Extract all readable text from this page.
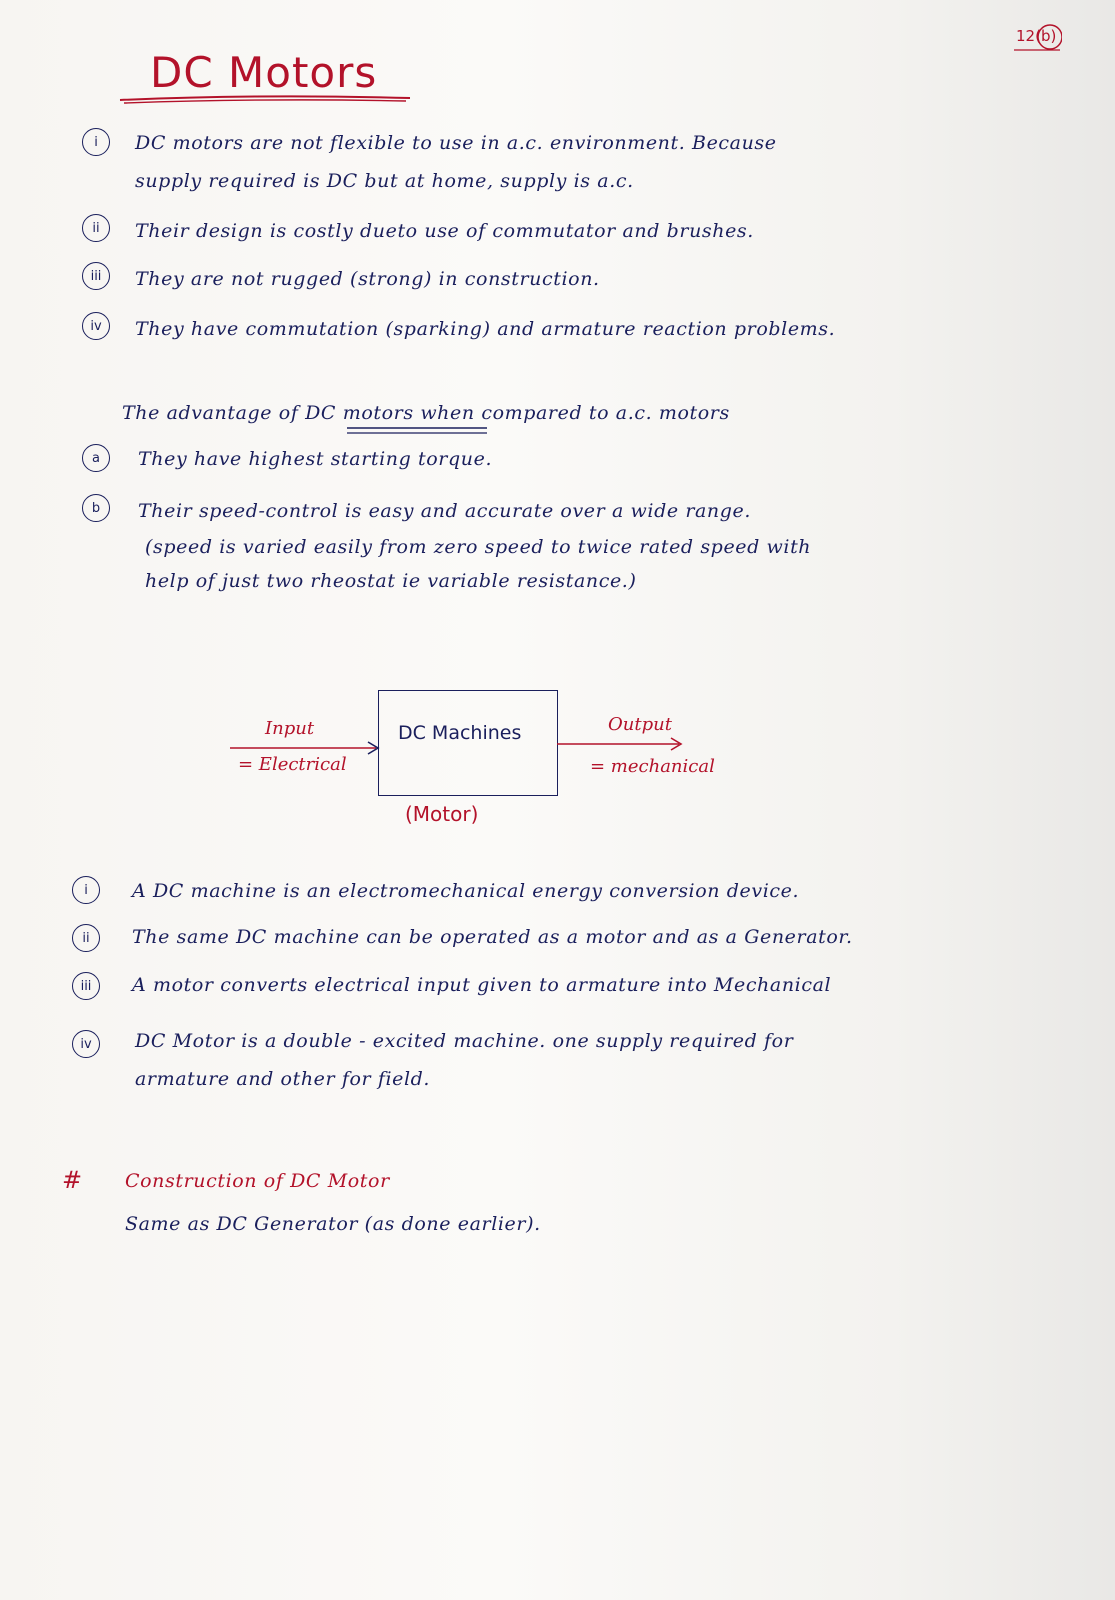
12(b)
DC Motors
i	DC motors are not flexible to use in a.c. environment. Because
supply required is DC but at home, supply is a.c.
ii	Their design is costly dueto use of commutator and brushes.
iii	They are not rugged (strong) in construction.
iv	They have commutation (sparking) and armature reaction problems.
The advantage of DC motors when compared to a.c. motors
a	They have highest starting torque.
b	Their speed-control is easy and accurate over a wide range.
(speed is varied easily from zero speed to twice rated speed with
help of just two rheostat ie variable resistance.)
Input
= Electrical
DC Machines	Output
= mechanical
(Motor)
i	A DC machine is an electromechanical energy conversion device.
ii	The same DC machine can be operated as a motor and as a Generator.
iii	A motor converts electrical input given to armature into Mechanical
iv	DC Motor is a double - excited machine. one supply required for
armature and other for field.
# Construction of DC Motor
Same as DC Generator (as done earlier).
